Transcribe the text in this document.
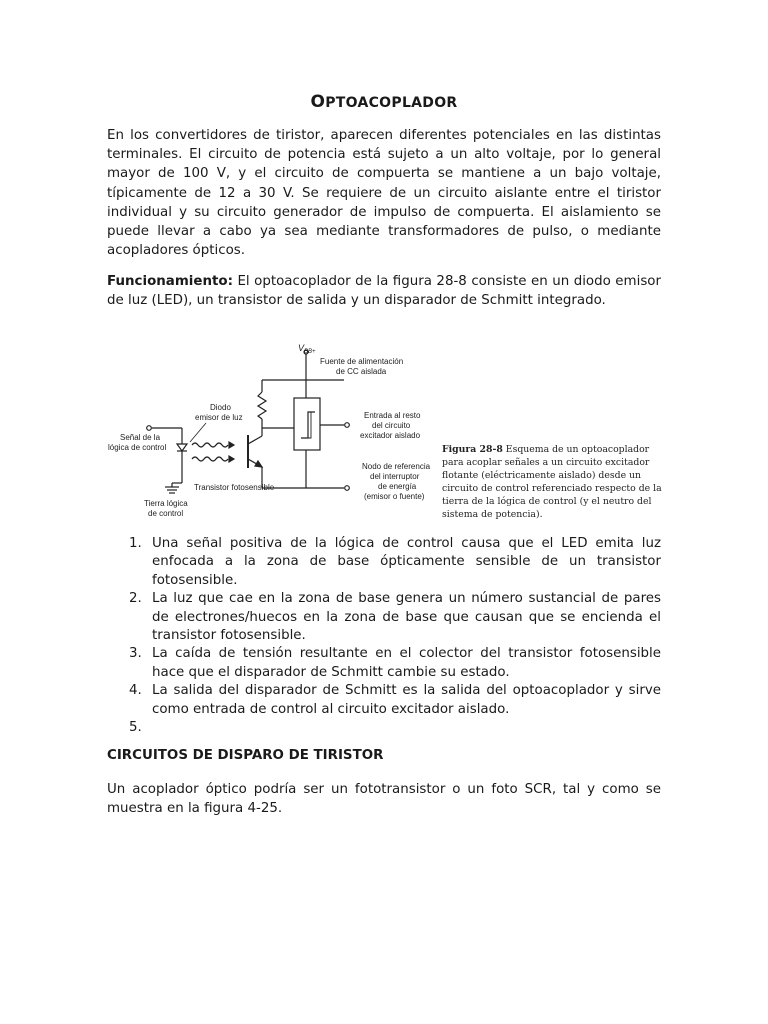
OPTOACOPLADOR

En los convertidores de tiristor, aparecen diferentes potenciales en las distintas terminales. El circuito de potencia está sujeto a un alto voltaje, por lo general mayor de 100 V, y el circuito de compuerta se mantiene a un bajo voltaje, típicamente de 12 a 30 V. Se requiere de un circuito aislante entre el tiristor individual y su circuito generador de impulso de compuerta. El aislamiento se puede llevar a cabo ya sea mediante transformadores de pulso, o mediante acopladores ópticos.

Funcionamiento: El optoacoplador de la figura 28-8 consiste en un diodo emisor de luz (LED), un transistor de salida y un disparador de Schmitt integrado.

$V_{BB+}$
Fuente de alimentación
de CC aislada
Diodo
emisor de luz
Señal de la
lógica de control
Entrada al resto
del circuito
excitador aislado
Nodo de referencia
del interruptor
de energía
(emisor o fuente)
Transistor fotosensible
Tierra lógica
de control
Figura 28-8 Esquema de un optoacoplador para acoplar señales a un circuito excitador flotante (eléctricamente aislado) desde un circuito de control referenciado respecto de la tierra de la lógica de control (y el neutro del sistema de potencia).
1. Una señal positiva de la lógica de control causa que el LED emita luz enfocada a la zona de base ópticamente sensible de un transistor fotosensible.
2. La luz que cae en la zona de base genera un número sustancial de pares de electrones/huecos en la zona de base que causan que se encienda el transistor fotosensible.
3. La caída de tensión resultante en el colector del transistor fotosensible hace que el disparador de Schmitt cambie su estado.
4. La salida del disparador de Schmitt es la salida del optoacoplador y sirve como entrada de control al circuito excitador aislado.
5.

CIRCUITOS DE DISPARO DE TIRISTOR

Un acoplador óptico podría ser un fototransistor o un foto SCR, tal y como se muestra en la figura 4-25.
